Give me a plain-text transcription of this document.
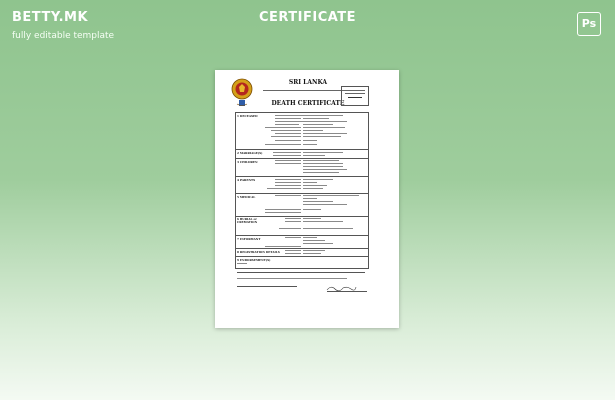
BETTY.MK
fully editable template
CERTIFICATE	Ps
SRI LANKA
DEATH CERTIFICATE
1 DECEASED
2 MARRIAGE(S)
3 CHILDREN
4 PARENTS
5 MEDICAL
6 BURIAL or CREMATION
7 INFORMANT
8 REGISTRATION DETAILS
9 ENDORSEMENT(S)
